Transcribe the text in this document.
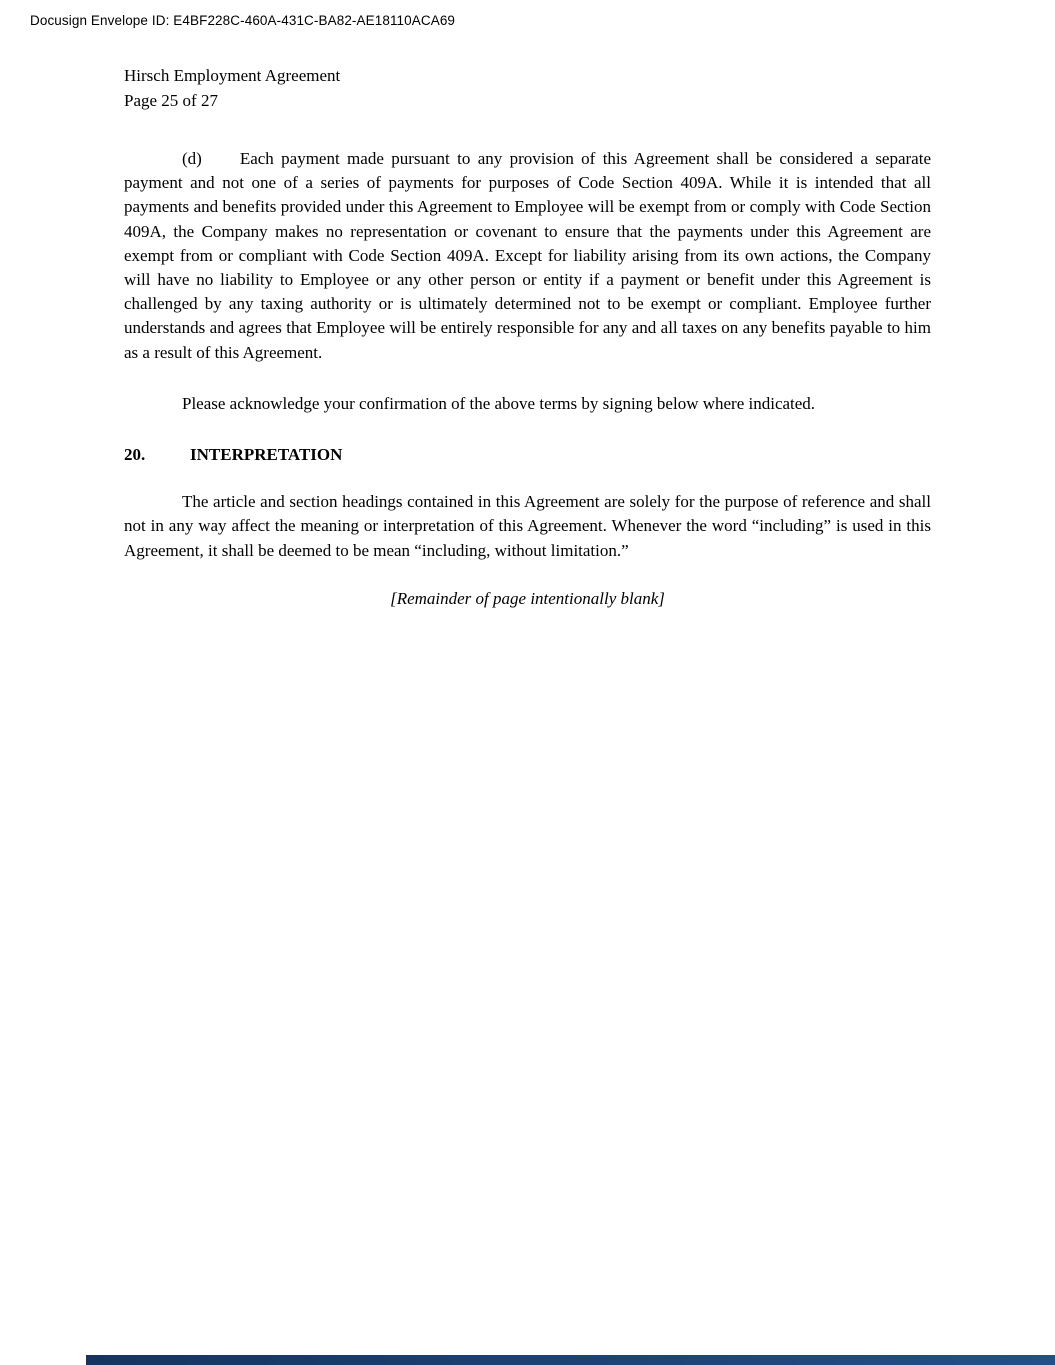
Docusign Envelope ID: E4BF228C-460A-431C-BA82-AE18110ACA69
Hirsch Employment Agreement
Page 25 of 27

(d) Each payment made pursuant to any provision of this Agreement shall be considered a separate payment and not one of a series of payments for purposes of Code Section 409A. While it is intended that all payments and benefits provided under this Agreement to Employee will be exempt from or comply with Code Section 409A, the Company makes no representation or covenant to ensure that the payments under this Agreement are exempt from or compliant with Code Section 409A. Except for liability arising from its own actions, the Company will have no liability to Employee or any other person or entity if a payment or benefit under this Agreement is challenged by any taxing authority or is ultimately determined not to be exempt or compliant. Employee further understands and agrees that Employee will be entirely responsible for any and all taxes on any benefits payable to him as a result of this Agreement.

Please acknowledge your confirmation of the above terms by signing below where indicated.

20.	INTERPRETATION

The article and section headings contained in this Agreement are solely for the purpose of reference and shall not in any way affect the meaning or interpretation of this Agreement. Whenever the word “including” is used in this Agreement, it shall be deemed to be mean “including, without limitation.”

[Remainder of page intentionally blank]
